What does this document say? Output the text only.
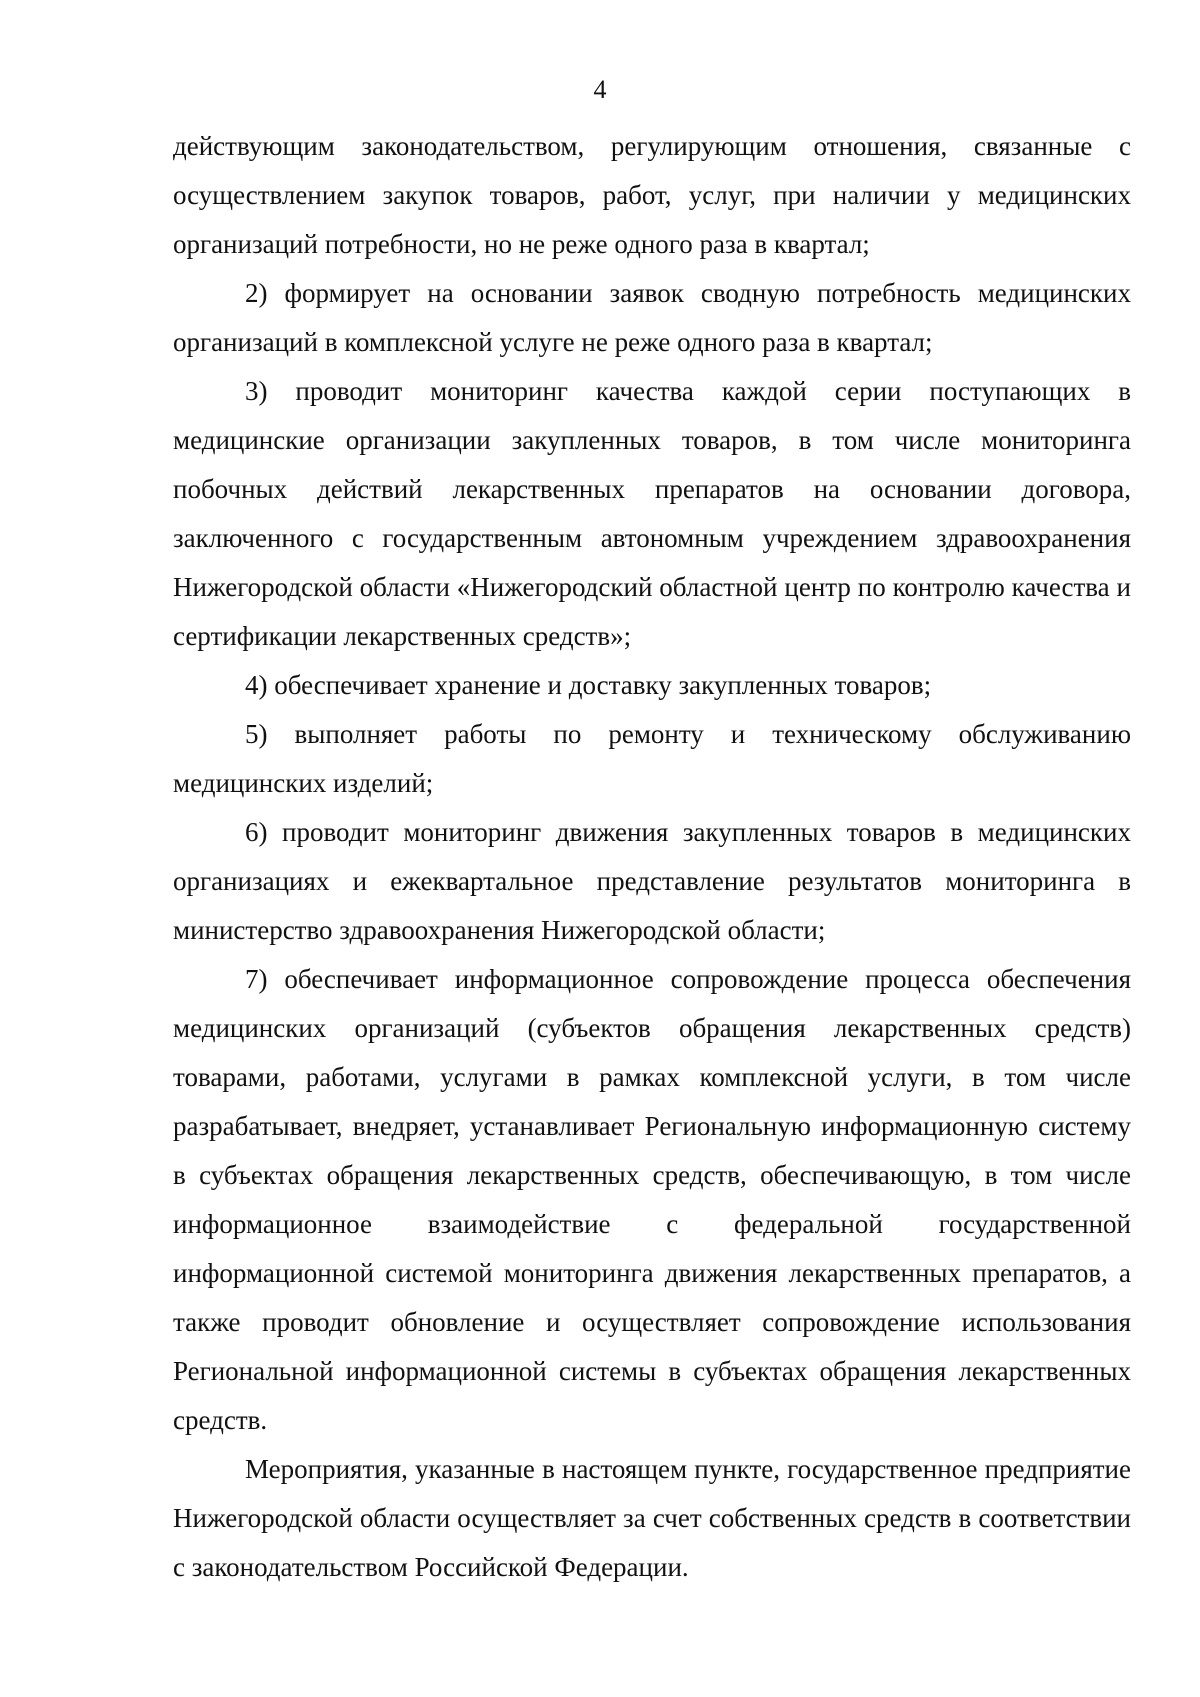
4

действующим законодательством, регулирующим отношения, связанные с осуществлением закупок товаров, работ, услуг, при наличии у медицинских организаций потребности, но не реже одного раза в квартал;

2) формирует на основании заявок сводную потребность медицинских организаций в комплексной услуге не реже одного раза в квартал;

3) проводит мониторинг качества каждой серии поступающих в медицинские организации закупленных товаров, в том числе мониторинга побочных действий лекарственных препаратов на основании договора, заключенного с государственным автономным учреждением здравоохранения Нижегородской области «Нижегородский областной центр по контролю качества и сертификации лекарственных средств»;

4) обеспечивает хранение и доставку закупленных товаров;

5) выполняет работы по ремонту и техническому обслуживанию медицинских изделий;

6) проводит мониторинг движения закупленных товаров в медицинских организациях и ежеквартальное представление результатов мониторинга в министерство здравоохранения Нижегородской области;

7) обеспечивает информационное сопровождение процесса обеспечения медицинских организаций (субъектов обращения лекарственных средств) товарами, работами, услугами в рамках комплексной услуги, в том числе разрабатывает, внедряет, устанавливает Региональную информационную систему в субъектах обращения лекарственных средств, обеспечивающую, в том числе информационное взаимодействие с федеральной государственной информационной системой мониторинга движения лекарственных препаратов, а также проводит обновление и осуществляет сопровождение использования Региональной информационной системы в субъектах обращения лекарственных средств.

Мероприятия, указанные в настоящем пункте, государственное предприятие Нижегородской области осуществляет за счет собственных средств в соответствии с законодательством Российской Федерации.
